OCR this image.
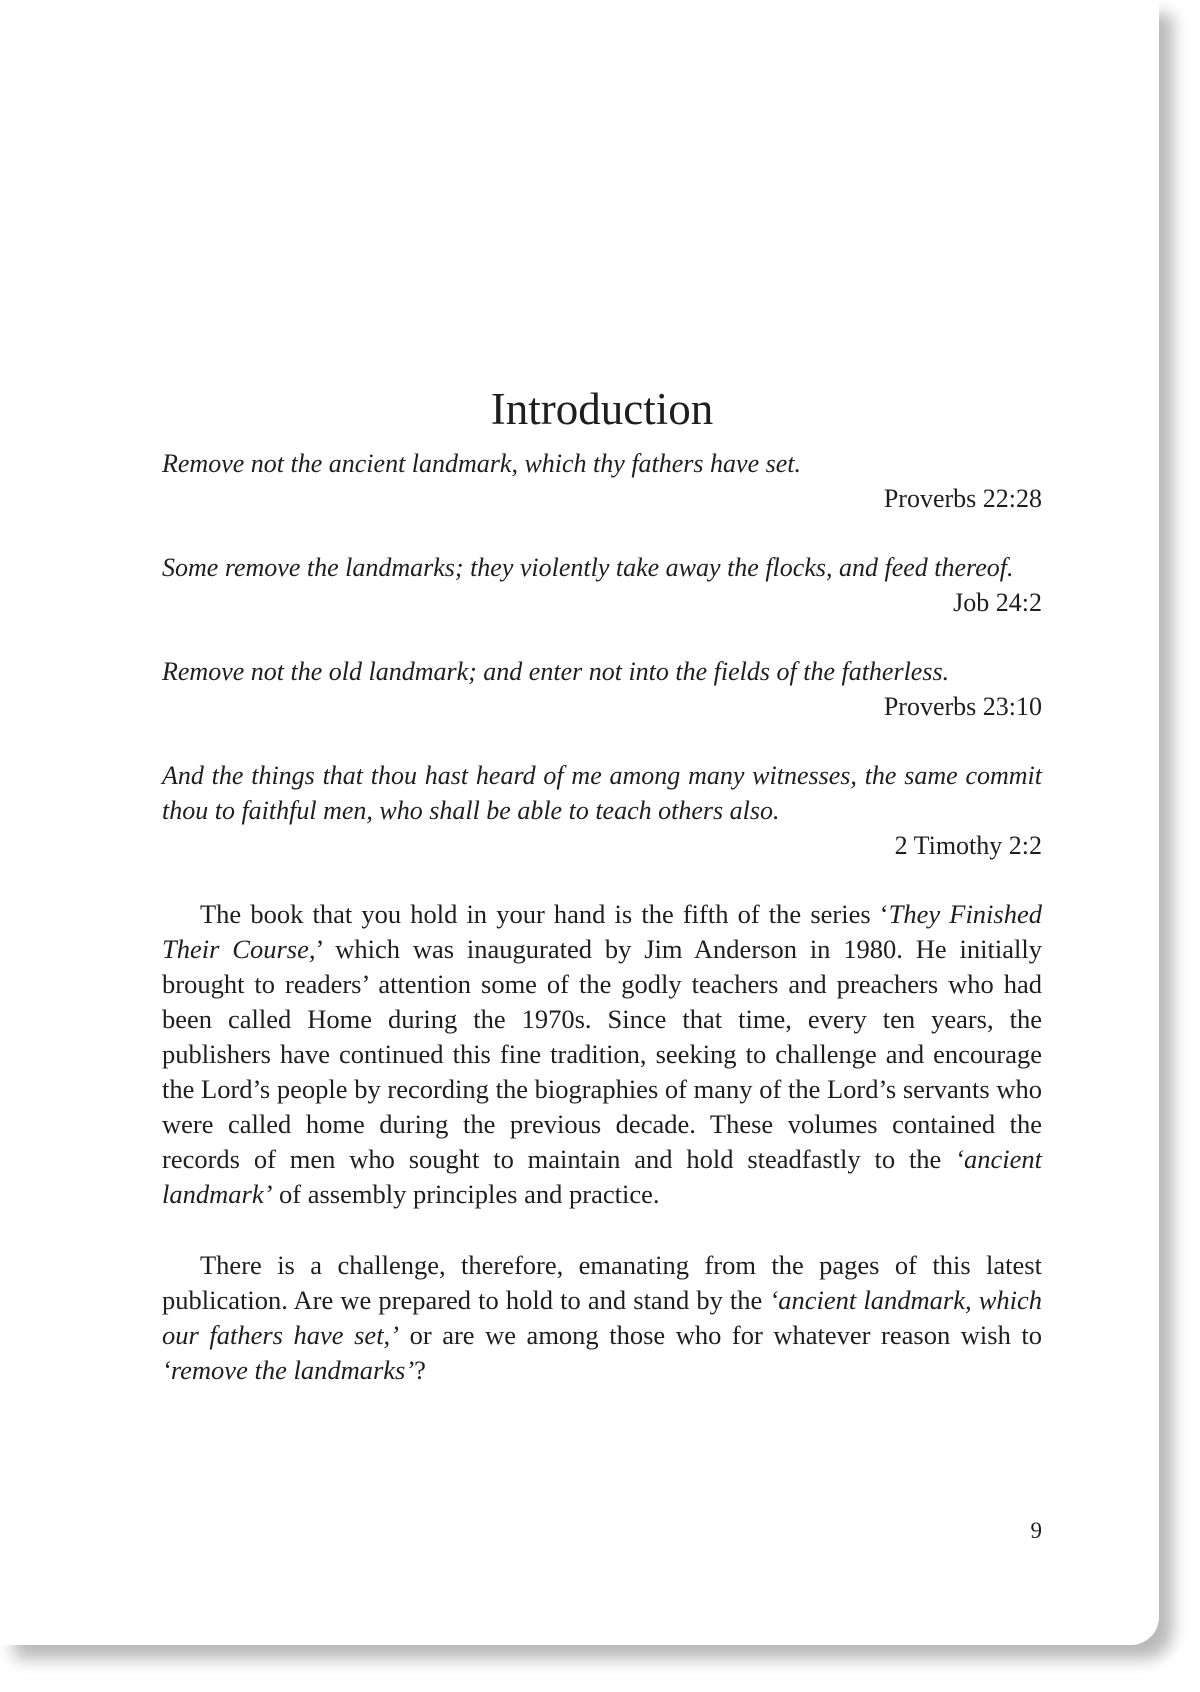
Introduction
Remove not the ancient landmark, which thy fathers have set.
Proverbs 22:28
Some remove the landmarks; they violently take away the flocks, and feed thereof.
Job 24:2
Remove not the old landmark; and enter not into the fields of the fatherless.
Proverbs 23:10
And the things that thou hast heard of me among many witnesses, the same commit thou to faithful men, who shall be able to teach others also.
2 Timothy 2:2

The book that you hold in your hand is the fifth of the series ‘They Finished Their Course,’ which was inaugurated by Jim Anderson in 1980. He initially brought to readers’ attention some of the godly teachers and preachers who had been called Home during the 1970s. Since that time, every ten years, the publishers have continued this fine tradition, seeking to challenge and encourage the Lord’s people by recording the biographies of many of the Lord’s servants who were called home during the previous decade. These volumes contained the records of men who sought to maintain and hold steadfastly to the ‘ancient landmark’ of assembly principles and practice.

There is a challenge, therefore, emanating from the pages of this latest publication. Are we prepared to hold to and stand by the ‘ancient landmark, which our fathers have set,’ or are we among those who for whatever reason wish to ‘remove the landmarks’?

9
